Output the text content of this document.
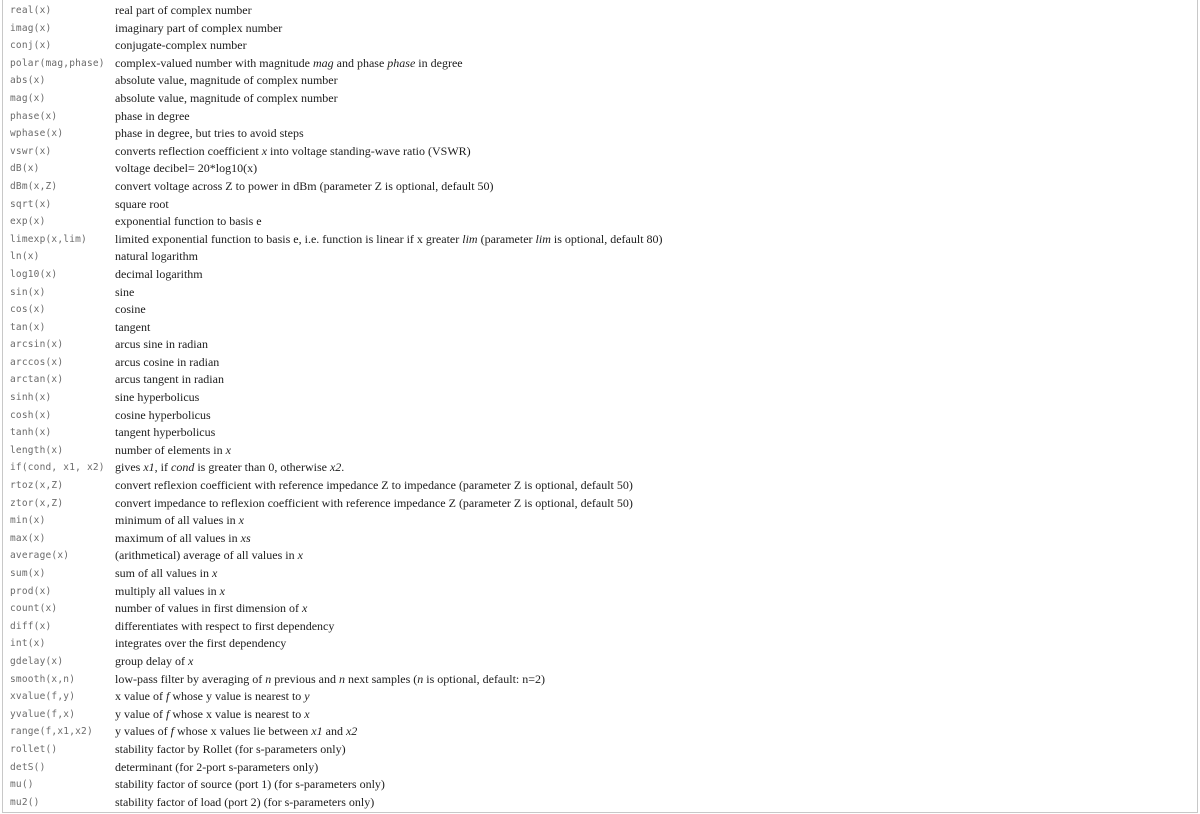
real(x)	real part of complex number
imag(x)	imaginary part of complex number
conj(x)	conjugate-complex number
polar(mag,phase)	complex-valued number with magnitude mag and phase phase in degree
abs(x)	absolute value, magnitude of complex number
mag(x)	absolute value, magnitude of complex number
phase(x)	phase in degree
wphase(x)	phase in degree, but tries to avoid steps
vswr(x)	converts reflection coefficient x into voltage standing-wave ratio (VSWR)
dB(x)	voltage decibel= 20*log10(x)
dBm(x,Z)	convert voltage across Z to power in dBm (parameter Z is optional, default 50)
sqrt(x)	square root
exp(x)	exponential function to basis e
limexp(x,lim)	limited exponential function to basis e, i.e. function is linear if x greater lim (parameter lim is optional, default 80)
ln(x)	natural logarithm
log10(x)	decimal logarithm
sin(x)	sine
cos(x)	cosine
tan(x)	tangent
arcsin(x)	arcus sine in radian
arccos(x)	arcus cosine in radian
arctan(x)	arcus tangent in radian
sinh(x)	sine hyperbolicus
cosh(x)	cosine hyperbolicus
tanh(x)	tangent hyperbolicus
length(x)	number of elements in x
if(cond, x1, x2)	gives x1, if cond is greater than 0, otherwise x2.
rtoz(x,Z)	convert reflexion coefficient with reference impedance Z to impedance (parameter Z is optional, default 50)
ztor(x,Z)	convert impedance to reflexion coefficient with reference impedance Z (parameter Z is optional, default 50)
min(x)	minimum of all values in x
max(x)	maximum of all values in xs
average(x)	(arithmetical) average of all values in x
sum(x)	sum of all values in x
prod(x)	multiply all values in x
count(x)	number of values in first dimension of x
diff(x)	differentiates with respect to first dependency
int(x)	integrates over the first dependency
gdelay(x)	group delay of x
smooth(x,n)	low-pass filter by averaging of n previous and n next samples (n is optional, default: n=2)
xvalue(f,y)	x value of f whose y value is nearest to y
yvalue(f,x)	y value of f whose x value is nearest to x
range(f,x1,x2)	y values of f whose x values lie between x1 and x2
rollet()	stability factor by Rollet (for s-parameters only)
detS()	determinant (for 2-port s-parameters only)
mu()	stability factor of source (port 1) (for s-parameters only)
mu2()	stability factor of load (port 2) (for s-parameters only)
